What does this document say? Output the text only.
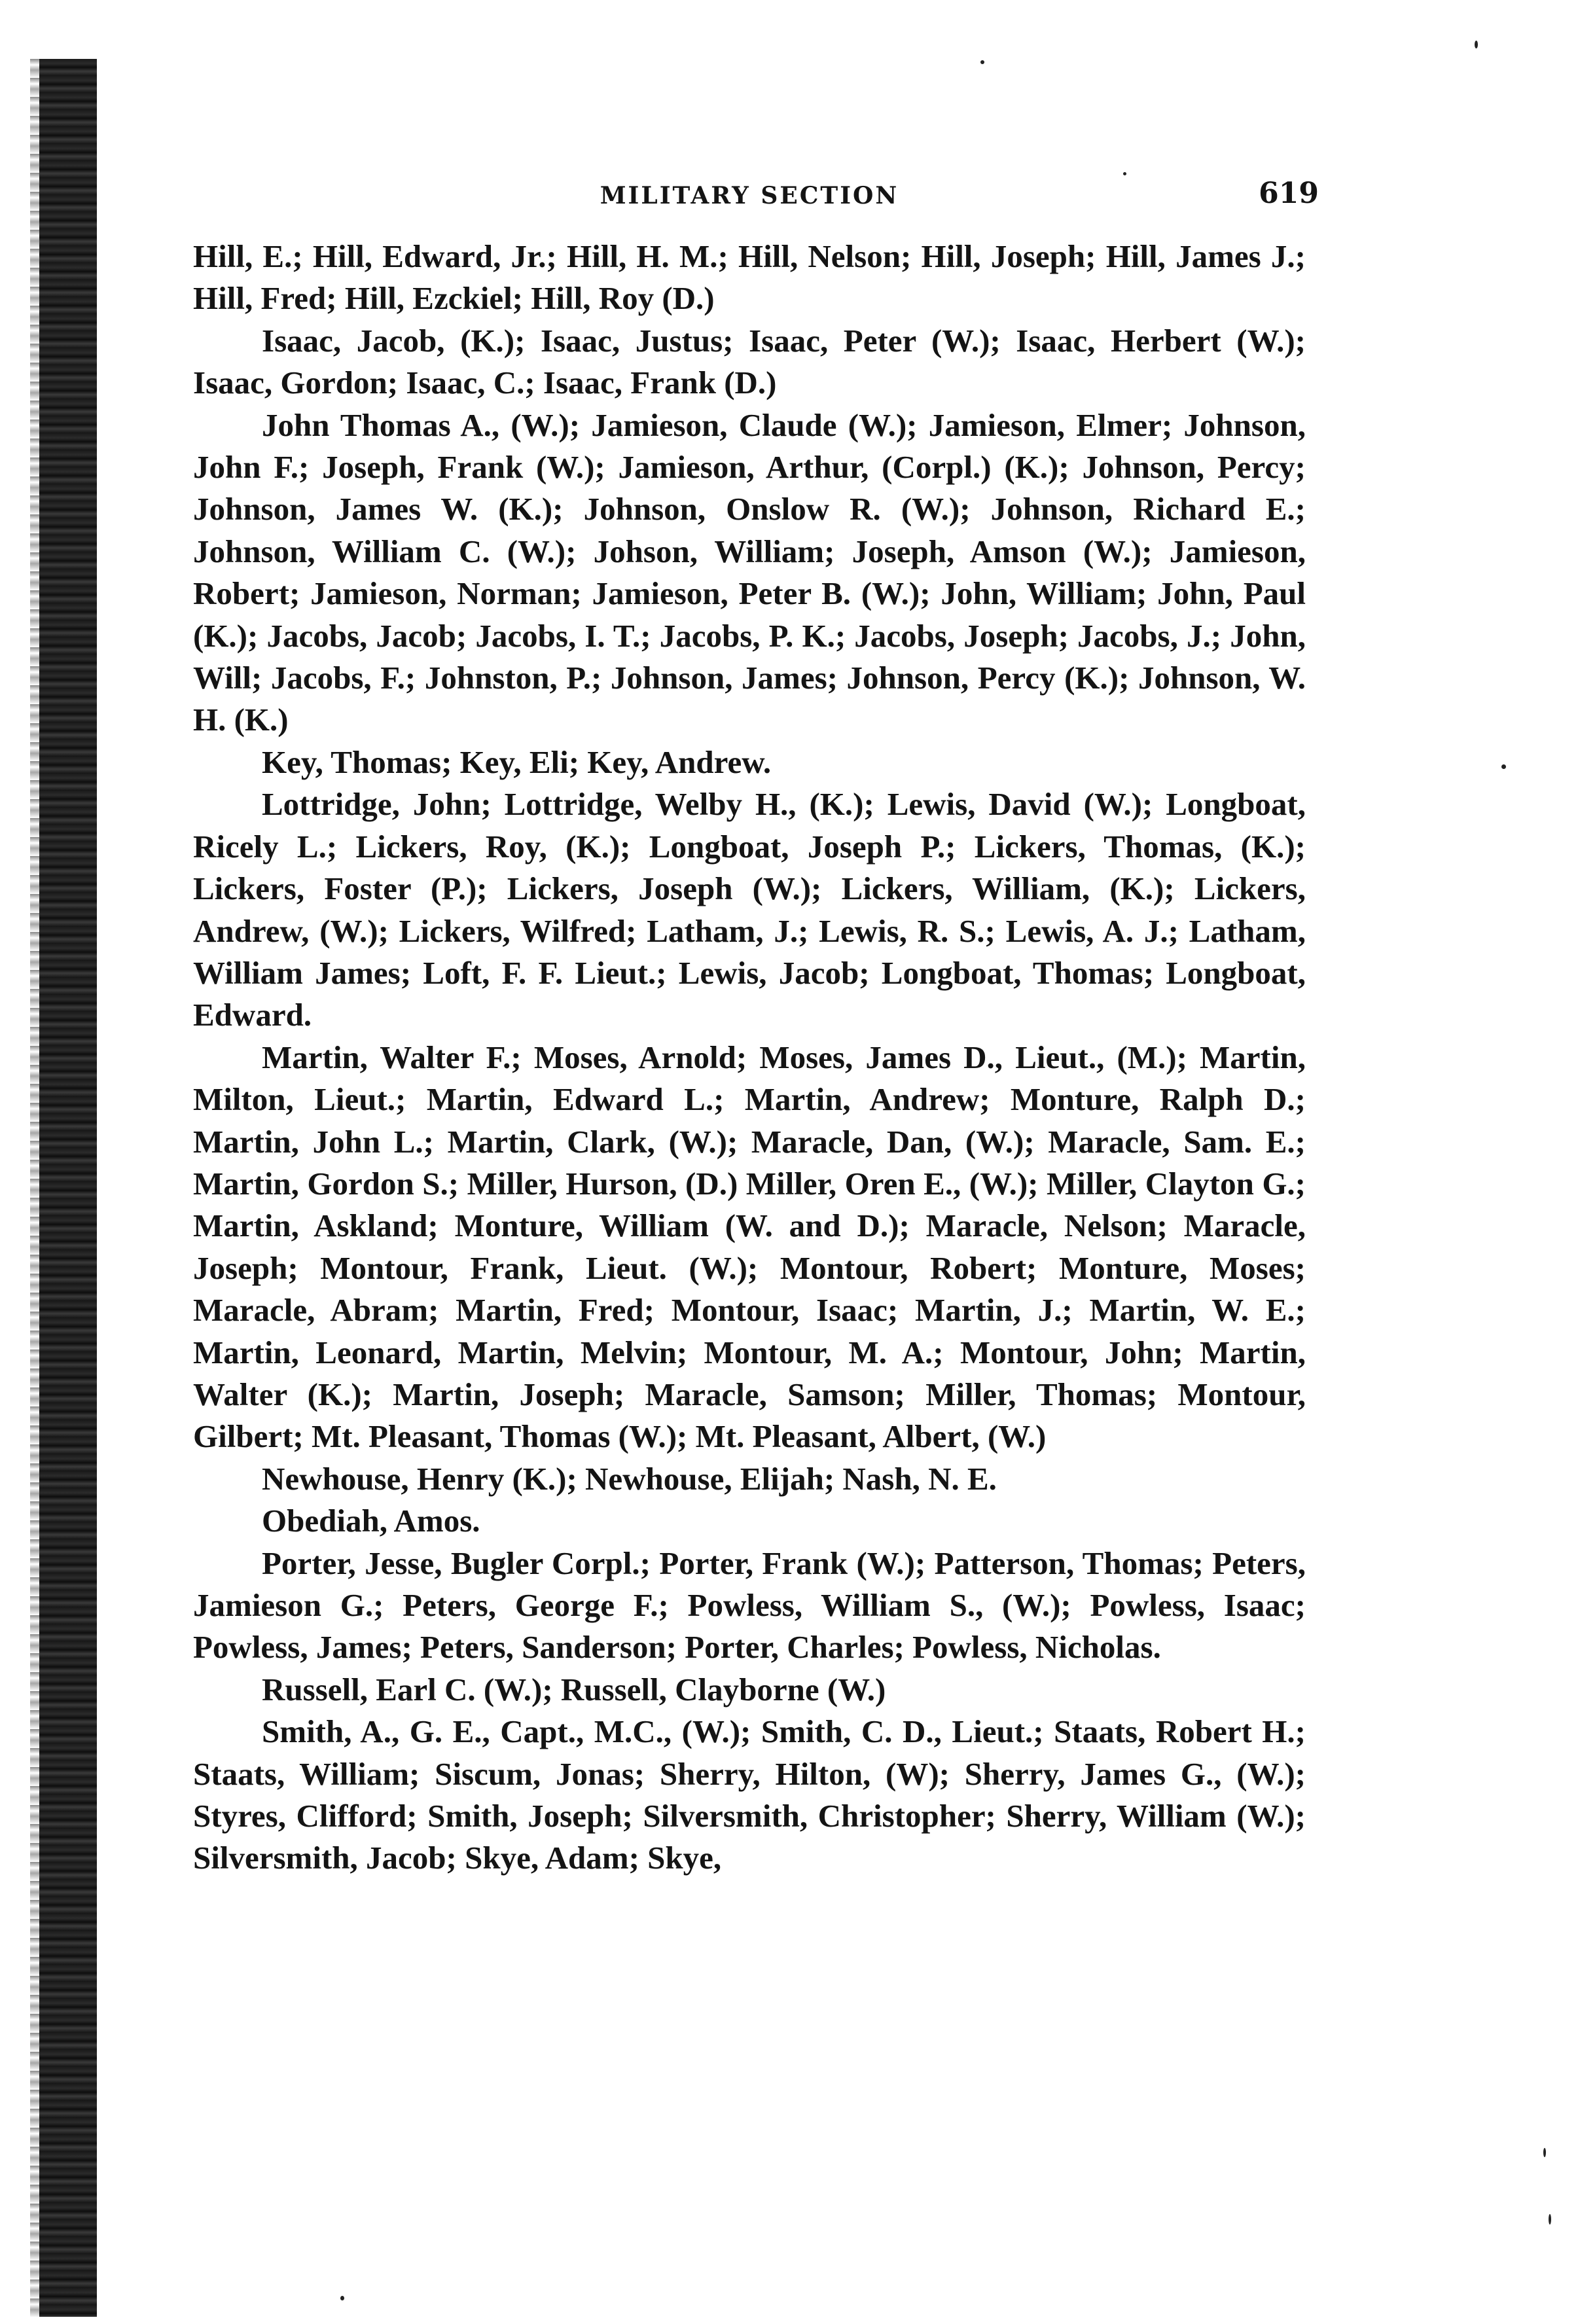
MILITARY SECTION	619

Hill, E.; Hill, Edward, Jr.; Hill, H. M.; Hill, Nelson; Hill, Joseph; Hill, James J.; Hill, Fred; Hill, Ezckiel; Hill, Roy (D.)

Isaac, Jacob, (K.); Isaac, Justus; Isaac, Peter (W.); Isaac, Herbert (W.); Isaac, Gordon; Isaac, C.; Isaac, Frank (D.)

John Thomas A., (W.); Jamieson, Claude (W.); Jamieson, Elmer; Johnson, John F.; Joseph, Frank (W.); Jamieson, Arthur, (Corpl.) (K.); Johnson, Percy; Johnson, James W. (K.); Johnson, Onslow R. (W.); Johnson, Richard E.; Johnson, William C. (W.); Johson, William; Joseph, Amson (W.); Jamieson, Robert; Jamieson, Norman; Jamieson, Peter B. (W.); John, William; John, Paul (K.); Jacobs, Jacob; Jacobs, I. T.; Jacobs, P. K.; Jacobs, Joseph; Jacobs, J.; John, Will; Jacobs, F.; Johnston, P.; Johnson, James; Johnson, Percy (K.); Johnson, W. H. (K.)

Key, Thomas; Key, Eli; Key, Andrew.

Lottridge, John; Lottridge, Welby H., (K.); Lewis, David (W.); Longboat, Ricely L.; Lickers, Roy, (K.); Longboat, Joseph P.; Lickers, Thomas, (K.); Lickers, Foster (P.); Lickers, Joseph (W.); Lickers, William, (K.); Lickers, Andrew, (W.); Lickers, Wilfred; Latham, J.; Lewis, R. S.; Lewis, A. J.; Latham, William James; Loft, F. F. Lieut.; Lewis, Jacob; Longboat, Thomas; Longboat, Edward.

Martin, Walter F.; Moses, Arnold; Moses, James D., Lieut., (M.); Martin, Milton, Lieut.; Martin, Edward L.; Martin, Andrew; Monture, Ralph D.; Martin, John L.; Martin, Clark, (W.); Maracle, Dan, (W.); Maracle, Sam. E.; Martin, Gordon S.; Miller, Hurson, (D.) Miller, Oren E., (W.); Miller, Clayton G.; Martin, Askland; Monture, William (W. and D.); Maracle, Nelson; Maracle, Joseph; Montour, Frank, Lieut. (W.); Montour, Robert; Monture, Moses; Maracle, Abram; Martin, Fred; Montour, Isaac; Martin, J.; Martin, W. E.; Martin, Leonard, Martin, Melvin; Montour, M. A.; Montour, John; Martin, Walter (K.); Martin, Joseph; Maracle, Samson; Miller, Thomas; Montour, Gilbert; Mt. Pleasant, Thomas (W.); Mt. Pleasant, Albert, (W.)

Newhouse, Henry (K.); Newhouse, Elijah; Nash, N. E.

Obediah, Amos.

Porter, Jesse, Bugler Corpl.; Porter, Frank (W.); Patterson, Thomas; Peters, Jamieson G.; Peters, George F.; Powless, William S., (W.); Powless, Isaac; Powless, James; Peters, Sanderson; Porter, Charles; Powless, Nicholas.

Russell, Earl C. (W.); Russell, Clayborne (W.)

Smith, A., G. E., Capt., M.C., (W.); Smith, C. D., Lieut.; Staats, Robert H.; Staats, William; Siscum, Jonas; Sherry, Hilton, (W); Sherry, James G., (W.); Styres, Clifford; Smith, Joseph; Silversmith, Christopher; Sherry, William (W.); Silversmith, Jacob; Skye, Adam; Skye,
